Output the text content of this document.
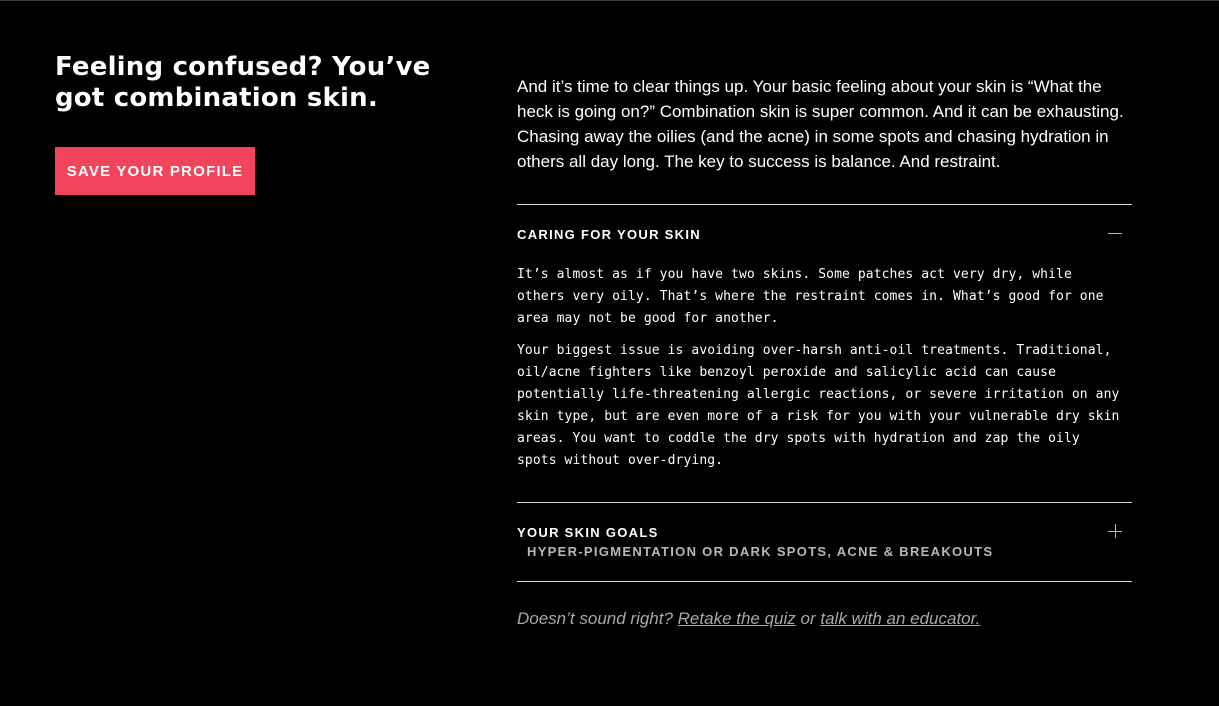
Feeling confused? You’ve got combination skin.
SAVE YOUR PROFILE

And it’s time to clear things up. Your basic feeling about your skin is “What the heck is going on?” Combination skin is super common. And it can be exhausting. Chasing away the oilies (and the acne) in some spots and chasing hydration in others all day long. The key to success is balance. And restraint.

CARING FOR YOUR SKIN

It’s almost as if you have two skins. Some patches act very dry, while others very oily. That’s where the restraint comes in. What’s good for one area may not be good for another.

Your biggest issue is avoiding over-harsh anti-oil treatments. Traditional, oil/acne fighters like benzoyl peroxide and salicylic acid can cause potentially life-threatening allergic reactions, or severe irritation on any skin type, but are even more of a risk for you with your vulnerable dry skin areas. You want to coddle the dry spots with hydration and zap the oily spots without over-drying.

YOUR SKIN GOALS
HYPER-PIGMENTATION OR DARK SPOTS, ACNE & BREAKOUTS
Doesn’t sound right? Retake the quiz or talk with an educator.
